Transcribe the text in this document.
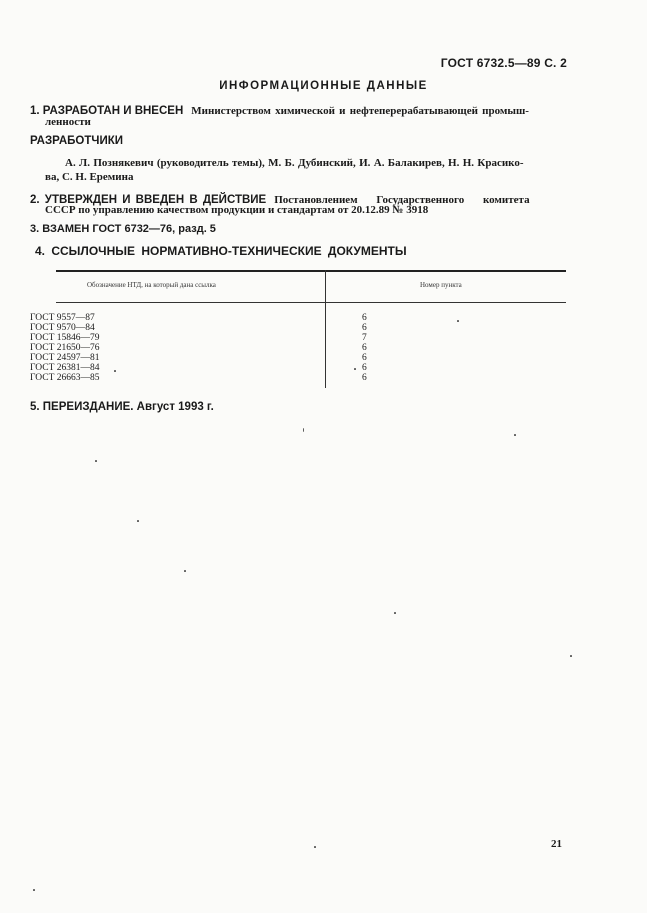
ГОСТ 6732.5—89 С. 2
ИНФОРМАЦИОННЫЕ ДАННЫЕ
1. РАЗРАБОТАН И ВНЕСЕН Министерством химической и нефтеперерабатывающей промыш-
ленности
РАЗРАБОТЧИКИ
А. Л. Познякевич (руководитель темы), М. Б. Дубинский, И. А. Балакирев, Н. Н. Красико-
ва, С. Н. Еремина
2. УТВЕРЖДЕН И ВВЕДЕН В ДЕЙСТВИЕ Постановлением Государственного комитета
СССР по управлению качеством продукции и стандартам от 20.12.89 № 3918
3. ВЗАМЕН ГОСТ 6732—76, разд. 5
4. ССЫЛОЧНЫЕ НОРМАТИВНО-ТЕХНИЧЕСКИЕ ДОКУМЕНТЫ
Обозначение НТД, на который дана ссылка	Номер пункта
ГОСТ 9557—87
ГОСТ 9570—84
ГОСТ 15846—79
ГОСТ 21650—76
ГОСТ 24597—81
ГОСТ 26381—84
ГОСТ 26663—85
6
6
7
6
6
6
6
5. ПЕРЕИЗДАНИЕ. Август 1993 г.
21
